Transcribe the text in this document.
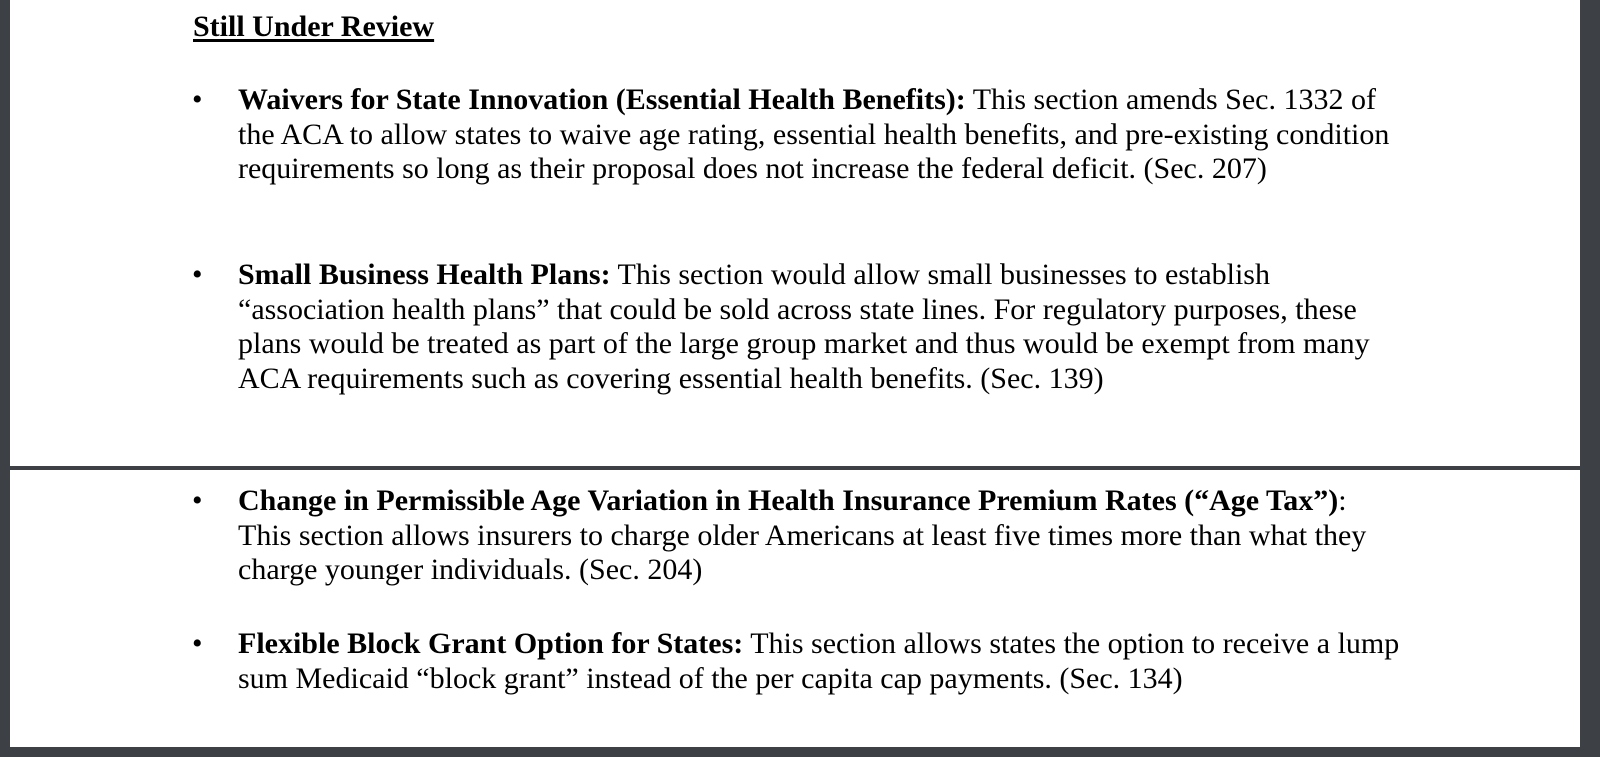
Still Under Review
•	Waivers for State Innovation (Essential Health Benefits): This section amends Sec. 1332 of the ACA to allow states to waive age rating, essential health benefits, and pre-existing condition requirements so long as their proposal does not increase the federal deficit. (Sec. 207)
•	Small Business Health Plans: This section would allow small businesses to establish “association health plans” that could be sold across state lines. For regulatory purposes, these plans would be treated as part of the large group market and thus would be exempt from many ACA requirements such as covering essential health benefits. (Sec. 139)
•	Change in Permissible Age Variation in Health Insurance Premium Rates (“Age Tax”): This section allows insurers to charge older Americans at least five times more than what they charge younger individuals. (Sec. 204)
•	Flexible Block Grant Option for States: This section allows states the option to receive a lump sum Medicaid “block grant” instead of the per capita cap payments. (Sec. 134)
